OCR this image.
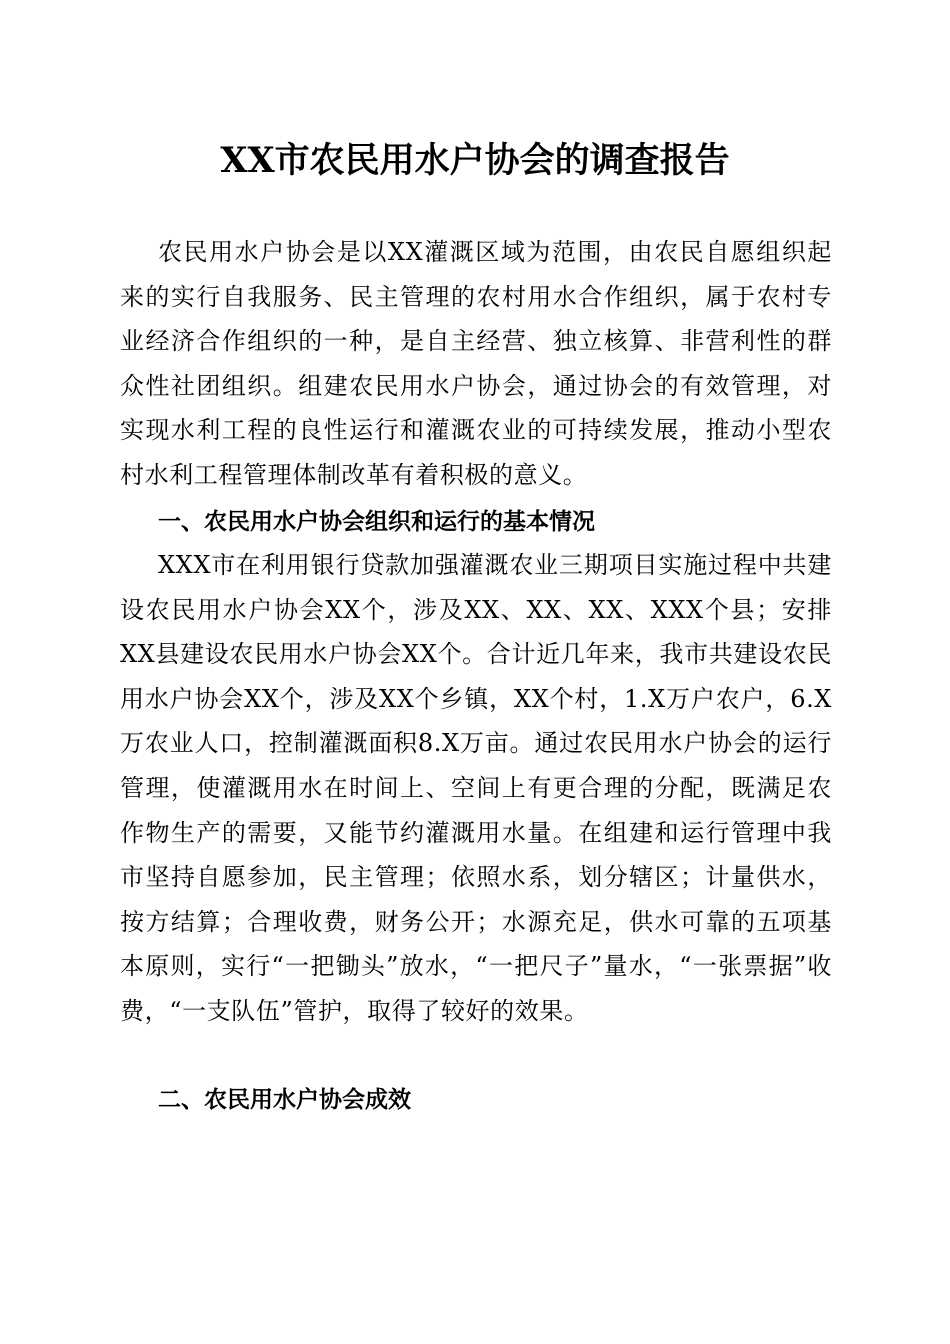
XX市农民用水户协会的调查报告

农民用水户协会是以XX灌溉区域为范围，由农民自愿组织起来的实行自我服务、民主管理的农村用水合作组织，属于农村专业经济合作组织的一种，是自主经营、独立核算、非营利性的群众性社团组织。组建农民用水户协会，通过协会的有效管理，对实现水利工程的良性运行和灌溉农业的可持续发展，推动小型农村水利工程管理体制改革有着积极的意义。

一、农民用水户协会组织和运行的基本情况

XXX市在利用银行贷款加强灌溉农业三期项目实施过程中共建设农民用水户协会XX个，涉及XX、XX、XX、XXX个县；安排XX县建设农民用水户协会XX个。合计近几年来，我市共建设农民用水户协会XX个，涉及XX个乡镇，XX个村，1.X万户农户，6.X万农业人口，控制灌溉面积8.X万亩。通过农民用水户协会的运行管理，使灌溉用水在时间上、空间上有更合理的分配，既满足农作物生产的需要，又能节约灌溉用水量。在组建和运行管理中我市坚持自愿参加，民主管理；依照水系，划分辖区；计量供水，按方结算；合理收费，财务公开；水源充足，供水可靠的五项基本原则，实行“一把锄头”放水，“一把尺子”量水，“一张票据”收费，“一支队伍”管护，取得了较好的效果。

二、农民用水户协会成效
